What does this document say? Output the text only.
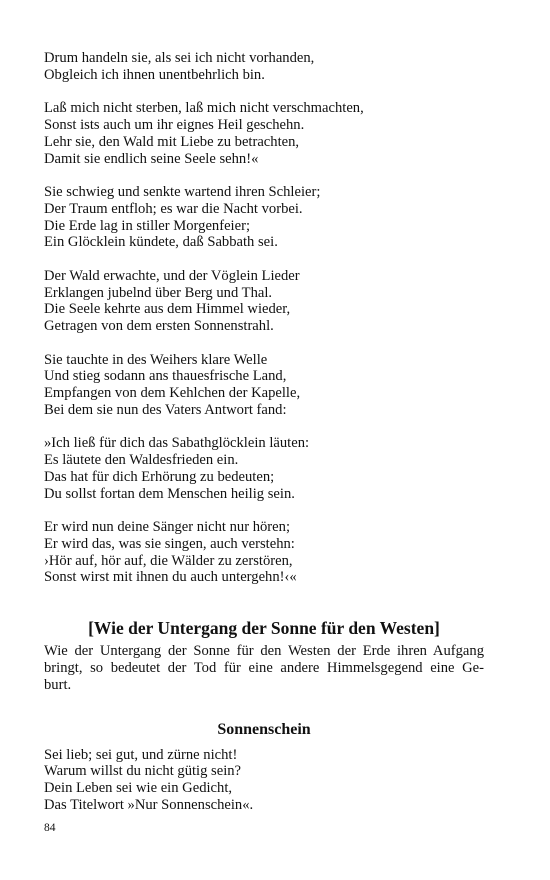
Drum handeln sie, als sei ich nicht vorhanden,
Obgleich ich ihnen unentbehrlich bin.
Laß mich nicht sterben, laß mich nicht verschmachten,
Sonst ists auch um ihr eignes Heil geschehn.
Lehr sie, den Wald mit Liebe zu betrachten,
Damit sie endlich seine Seele sehn!«
Sie schwieg und senkte wartend ihren Schleier;
Der Traum entfloh; es war die Nacht vorbei.
Die Erde lag in stiller Morgenfeier;
Ein Glöcklein kündete, daß Sabbath sei.
Der Wald erwachte, und der Vöglein Lieder
Erklangen jubelnd über Berg und Thal.
Die Seele kehrte aus dem Himmel wieder,
Getragen von dem ersten Sonnenstrahl.
Sie tauchte in des Weihers klare Welle
Und stieg sodann ans thauesfrische Land,
Empfangen von dem Kehlchen der Kapelle,
Bei dem sie nun des Vaters Antwort fand:
»Ich ließ für dich das Sabathglöcklein läuten:
Es läutete den Waldesfrieden ein.
Das hat für dich Erhörung zu bedeuten;
Du sollst fortan dem Menschen heilig sein.
Er wird nun deine Sänger nicht nur hören;
Er wird das, was sie singen, auch verstehn:
›Hör auf, hör auf, die Wälder zu zerstören,
Sonst wirst mit ihnen du auch untergehn!‹«
[Wie der Untergang der Sonne für den Westen]
Wie der Untergang der Sonne für den Westen der Erde ihren Aufgang
bringt, so bedeutet der Tod für eine andere Himmelsgegend eine Ge-
burt.
Sonnenschein
Sei lieb; sei gut, und zürne nicht!
Warum willst du nicht gütig sein?
Dein Leben sei wie ein Gedicht,
Das Titelwort »Nur Sonnenschein«.
84
